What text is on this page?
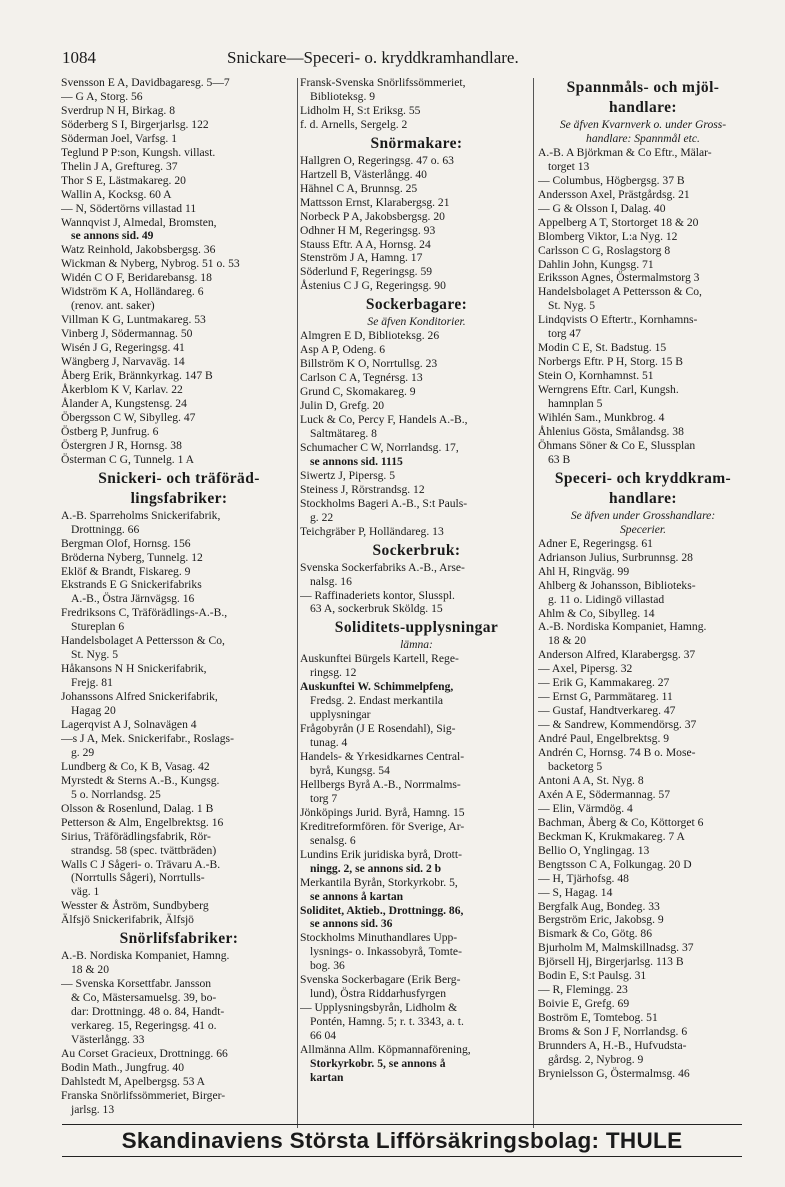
1084	Snickare—Speceri- o. kryddkramhandlare.
Svensson E A, Davidbagaresg. 5—7
— G A, Storg. 56
Sverdrup N H, Birkag. 8
Söderberg S I, Birgerjarlsg. 122
Söderman Joel, Varfsg. 1
Teglund P P:son, Kungsh. villast.
Thelin J A, Greftureg. 37
Thor S E, Lästmakareg. 20
Wallin A, Kocksg. 60 A
— N, Södertörns villastad 11
Wannqvist J, Almedal, Bromsten,
se annons sid. 49
Watz Reinhold, Jakobsbergsg. 36
Wickman & Nyberg, Nybrog. 51 o. 53
Widén C O F, Beridarebansg. 18
Widström K A, Holländareg. 6
(renov. ant. saker)
Villman K G, Luntmakareg. 53
Vinberg J, Södermannag. 50
Wisén J G, Regeringsg. 41
Wängberg J, Narvaväg. 14
Åberg Erik, Brännkyrkag. 147 B
Åkerblom K V, Karlav. 22
Ålander A, Kungstensg. 24
Öbergsson C W, Sibylleg. 47
Östberg P, Junfrug. 6
Östergren J R, Hornsg. 38
Österman C G, Tunnelg. 1 A
Snickeri- och träföräd-
lingsfabriker:
A.-B. Sparreholms Snickerifabrik,
Drottningg. 66
Bergman Olof, Hornsg. 156
Bröderna Nyberg, Tunnelg. 12
Eklöf & Brandt, Fiskareg. 9
Ekstrands E G Snickerifabriks
A.-B., Östra Järnvägsg. 16
Fredriksons C, Träförädlings-A.-B.,
Stureplan 6
Handelsbolaget A Pettersson & Co,
St. Nyg. 5
Håkansons N H Snickerifabrik,
Frejg. 81
Johanssons Alfred Snickerifabrik,
Hagag 20
Lagerqvist A J, Solnavägen 4
—s J A, Mek. Snickerifabr., Roslags-
g. 29
Lundberg & Co, K B, Vasag. 42
Myrstedt & Sterns A.-B., Kungsg.
5 o. Norrlandsg. 25
Olsson & Rosenlund, Dalag. 1 B
Petterson & Alm, Engelbrektsg. 16
Sirius, Träförädlingsfabrik, Rör-
strandsg. 58 (spec. tvättbräden)
Walls C J Sågeri- o. Trävaru A.-B.
(Norrtulls Sågeri), Norrtulls-
väg. 1
Wesster & Åström, Sundbyberg
Älfsjö Snickerifabrik, Älfsjö
Snörlifsfabriker:
A.-B. Nordiska Kompaniet, Hamng.
18 & 20
— Svenska Korsettfabr. Jansson
& Co, Mästersamuelsg. 39, bo-
dar: Drottningg. 48 o. 84, Handt-
verkareg. 15, Regeringsg. 41 o.
Västerlångg. 33
Au Corset Gracieux, Drottningg. 66
Bodin Math., Jungfrug. 40
Dahlstedt M, Apelbergsg. 53 A
Franska Snörlifssömmeriet, Birger-
jarlsg. 13
Fransk-Svenska Snörlifssömmeriet,
Biblioteksg. 9
Lidholm H, S:t Eriksg. 55
f. d. Arnells, Sergelg. 2
Snörmakare:
Hallgren O, Regeringsg. 47 o. 63
Hartzell B, Västerlångg. 40
Hähnel C A, Brunnsg. 25
Mattsson Ernst, Klarabergsg. 21
Norbeck P A, Jakobsbergsg. 20
Odhner H M, Regeringsg. 93
Stauss Eftr. A A, Hornsg. 24
Stenström J A, Hamng. 17
Söderlund F, Regeringsg. 59
Åstenius C J G, Regeringsg. 90
Sockerbagare:
Se äfven Konditorier.
Almgren E D, Biblioteksg. 26
Asp A P, Odeng. 6
Billström K O, Norrtullsg. 23
Carlson C A, Tegnérsg. 13
Grund C, Skomakareg. 9
Julin D, Grefg. 20
Luck & Co, Percy F, Handels A.-B.,
Saltmätareg. 8
Schumacher C W, Norrlandsg. 17,
se annons sid. 1115
Siwertz J, Pipersg. 5
Steiness J, Rörstrandsg. 12
Stockholms Bageri A.-B., S:t Pauls-
g. 22
Teichgräber P, Holländareg. 13
Sockerbruk:
Svenska Sockerfabriks A.-B., Arse-
nalsg. 16
— Raffinaderiets kontor, Slusspl.
63 A, sockerbruk Sköldg. 15
Soliditets-upplysningar
lämna:
Auskunftei Bürgels Kartell, Rege-
ringsg. 12
Auskunftei W. Schimmelpfeng,
Fredsg. 2. Endast merkantila
upplysningar
Frågobyrån (J E Rosendahl), Sig-
tunag. 4
Handels- & Yrkesidkarnes Central-
byrå, Kungsg. 54
Hellbergs Byrå A.-B., Norrmalms-
torg 7
Jönköpings Jurid. Byrå, Hamng. 15
Kreditreformfören. för Sverige, Ar-
senalsg. 6
Lundins Erik juridiska byrå, Drott-
ningg. 2, se annons sid. 2 b
Merkantila Byrån, Storkyrkobr. 5,
se annons å kartan
Soliditet, Aktieb., Drottningg. 86,
se annons sid. 36
Stockholms Minuthandlares Upp-
lysnings- o. Inkassobyrå, Tomte-
bog. 36
Svenska Sockerbagare (Erik Berg-
lund), Östra Riddarhusfyrgen
— Upplysningsbyrån, Lidholm &
Pontén, Hamng. 5; r. t. 3343, a. t.
66 04
Allmänna Allm. Köpmannaförening,
Storkyrkobr. 5, se annons å
kartan
Spannmåls- och mjöl-
handlare:
Se äfven Kvarnverk o. under Gross-
handlare: Spannmål etc.
A.-B. A Björkman & Co Eftr., Mälar-
torget 13
— Columbus, Högbergsg. 37 B
Andersson Axel, Prästgårdsg. 21
— G & Olsson I, Dalag. 40
Appelberg A T, Stortorget 18 & 20
Blomberg Viktor, L:a Nyg. 12
Carlsson C G, Roslagstorg 8
Dahlin John, Kungsg. 71
Eriksson Agnes, Östermalmstorg 3
Handelsbolaget A Pettersson & Co,
St. Nyg. 5
Lindqvists O Eftertr., Kornhamns-
torg 47
Modin C E, St. Badstug. 15
Norbergs Eftr. P H, Storg. 15 B
Stein O, Kornhamnst. 51
Werngrens Eftr. Carl, Kungsh.
hamnplan 5
Wihlén Sam., Munkbrog. 4
Åhlenius Gösta, Smålandsg. 38
Öhmans Söner & Co E, Slussplan
63 B
Speceri- och kryddkram-
handlare:
Se äfven under Grosshandlare:
Specerier.
Adner E, Regeringsg. 61
Adrianson Julius, Surbrunnsg. 28
Ahl H, Ringväg. 99
Ahlberg & Johansson, Biblioteks-
g. 11 o. Lidingö villastad
Ahlm & Co, Sibylleg. 14
A.-B. Nordiska Kompaniet, Hamng.
18 & 20
Anderson Alfred, Klarabergsg. 37
— Axel, Pipersg. 32
— Erik G, Kammakareg. 27
— Ernst G, Parmmätareg. 11
— Gustaf, Handtverkareg. 47
— & Sandrew, Kommendörsg. 37
André Paul, Engelbrektsg. 9
Andrén C, Hornsg. 74 B o. Mose-
backetorg 5
Antoni A A, St. Nyg. 8
Axén A E, Södermannag. 57
— Elin, Värmdög. 4
Bachman, Åberg & Co, Köttorget 6
Beckman K, Krukmakareg. 7 A
Bellio O, Ynglingag. 13
Bengtsson C A, Folkungag. 20 D
— H, Tjärhofsg. 48
— S, Hagag. 14
Bergfalk Aug, Bondeg. 33
Bergström Eric, Jakobsg. 9
Bismark & Co, Götg. 86
Bjurholm M, Malmskillnadsg. 37
Björsell Hj, Birgerjarlsg. 113 B
Bodin E, S:t Paulsg. 31
— R, Flemingg. 23
Boivie E, Grefg. 69
Boström E, Tomtebog. 51
Broms & Son J F, Norrlandsg. 6
Brunnders A, H.-B., Hufvudsta-
gårdsg. 2, Nybrog. 9
Brynielsson G, Östermalmsg. 46
Skandinaviens Största Lifförsäkringsbolag: THULE
